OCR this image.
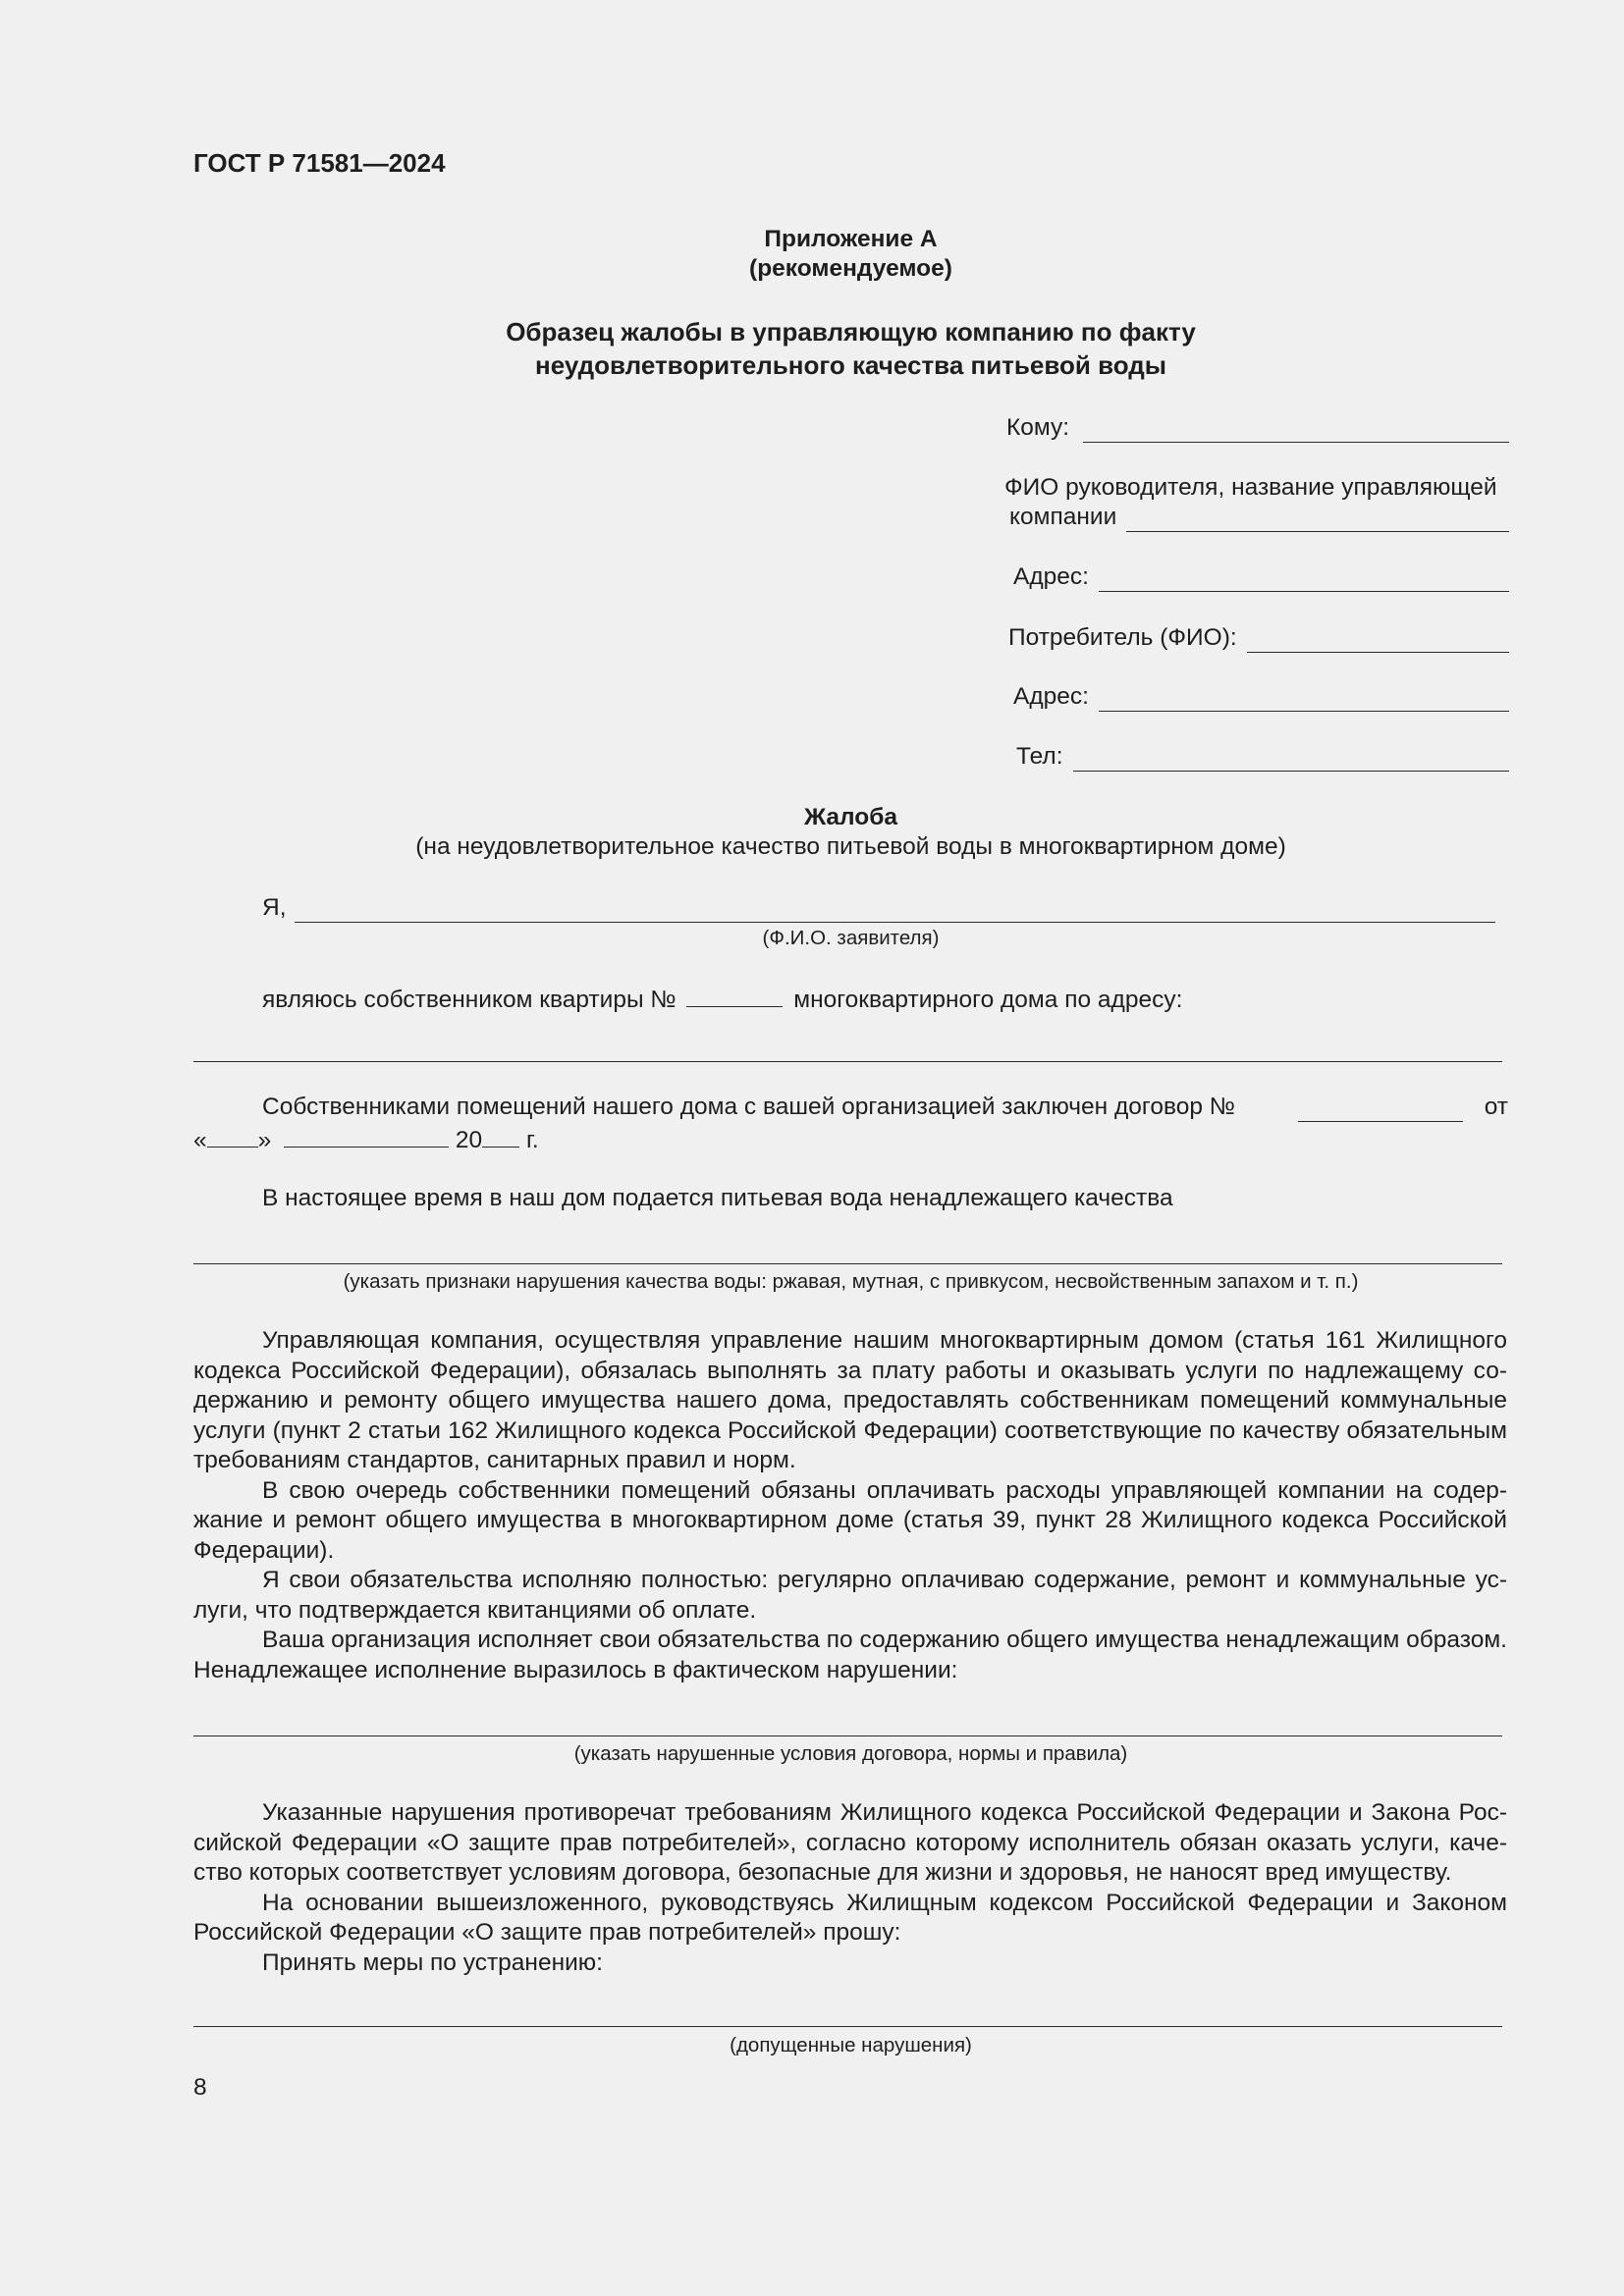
ГОСТ Р 71581—2024
Приложение А
(рекомендуемое)
Образец жалобы в управляющую компанию по факту
неудовлетворительного качества питьевой воды
Кому:
ФИО руководителя, название управляющей
компании
Адрес:
Потребитель (ФИО):
Адрес:
Тел:
Жалоба
(на неудовлетворительное качество питьевой воды в многоквартирном доме)
Я,
(Ф.И.О. заявителя)
являюсь собственником квартиры №	многоквартирного дома по адресу:
Собственниками помещений нашего дома с вашей организацией заключен договор №	от
« »	20 г.
В настоящее время в наш дом подается питьевая вода ненадлежащего качества
(указать признаки нарушения качества воды: ржавая, мутная, с привкусом, несвойственным запахом и т. п.)

Управляющая компания, осуществляя управление нашим многоквартирным домом (статья 161 Жилищного кодекса Российской Федерации), обязалась выполнять за плату работы и оказывать услуги по надлежащему содержанию и ремонту общего имущества нашего дома, предоставлять собственникам помещений коммунальные услуги (пункт 2 статьи 162 Жилищного кодекса Российской Федерации) соответствующие по качеству обязательным требованиям стандартов, санитарных правил и норм.

В свою очередь собственники помещений обязаны оплачивать расходы управляющей компании на содержание и ремонт общего имущества в многоквартирном доме (статья 39, пункт 28 Жилищного кодекса Российской Федерации).

Я свои обязательства исполняю полностью: регулярно оплачиваю содержание, ремонт и коммунальные услуги, что подтверждается квитанциями об оплате.

Ваша организация исполняет свои обязательства по содержанию общего имущества ненадлежащим образом. Ненадлежащее исполнение выразилось в фактическом нарушении:

(указать нарушенные условия договора, нормы и правила)

Указанные нарушения противоречат требованиям Жилищного кодекса Российской Федерации и Закона Российской Федерации «О защите прав потребителей», согласно которому исполнитель обязан оказать услуги, качество которых соответствует условиям договора, безопасные для жизни и здоровья, не наносят вред имуществу.

На основании вышеизложенного, руководствуясь Жилищным кодексом Российской Федерации и Законом Российской Федерации «О защите прав потребителей» прошу:

Принять меры по устранению:

(допущенные нарушения)
8
